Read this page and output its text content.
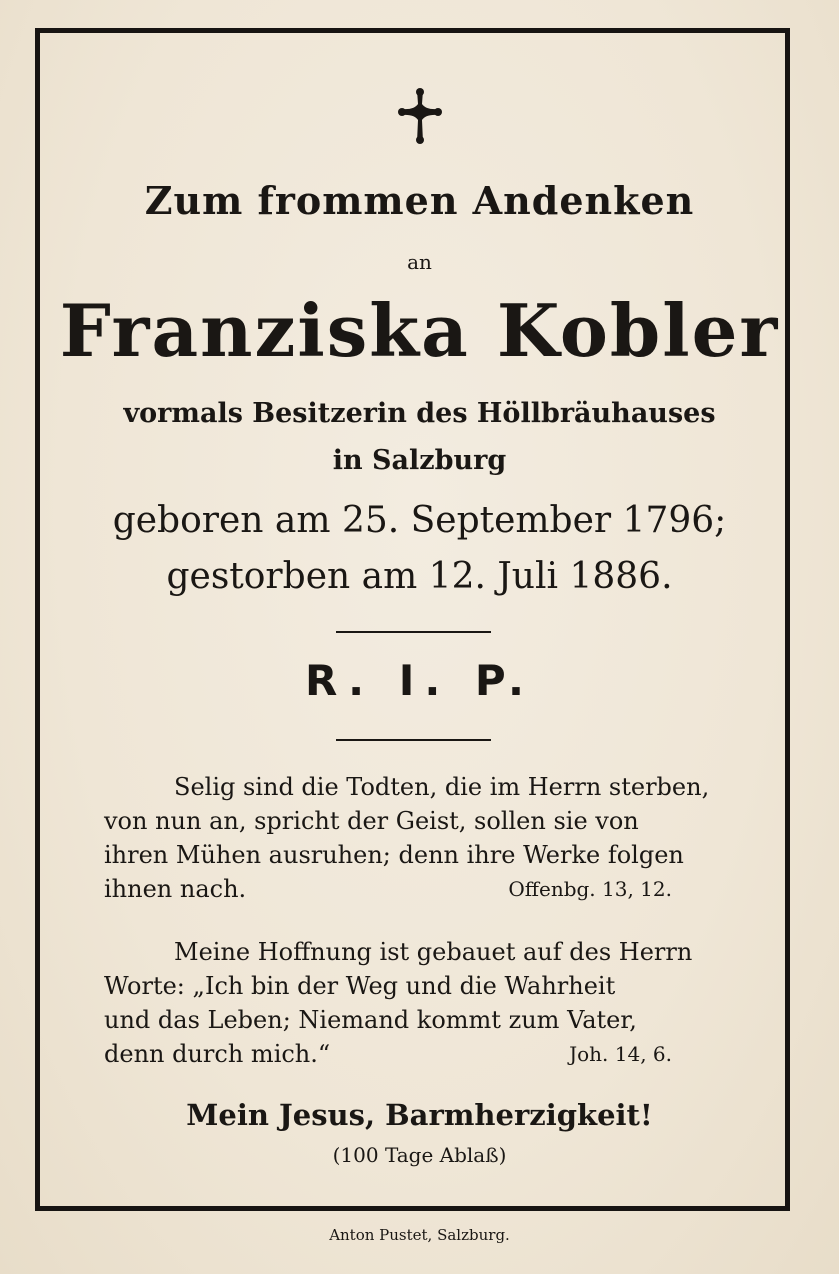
Zum frommen Andenken
an
Franziska Kobler
vormals Besitzerin des Höllbräuhauses
in Salzburg
geboren am 25. September 1796;
gestorben am 12. Juli 1886.
R. I. P.

Selig sind die Todten, die im Herrn sterben,

von nun an, spricht der Geist, sollen sie von

ihren Mühen ausruhen; denn ihre Werke folgen

ihnen nach.	Offenbg. 13, 12.

Meine Hoffnung ist gebauet auf des Herrn

Worte: „Ich bin der Weg und die Wahrheit

und das Leben; Niemand kommt zum Vater,

denn durch mich.“	Joh. 14, 6.
Mein Jesus, Barmherzigkeit!
(100 Tage Ablaß)
Anton Pustet, Salzburg.
